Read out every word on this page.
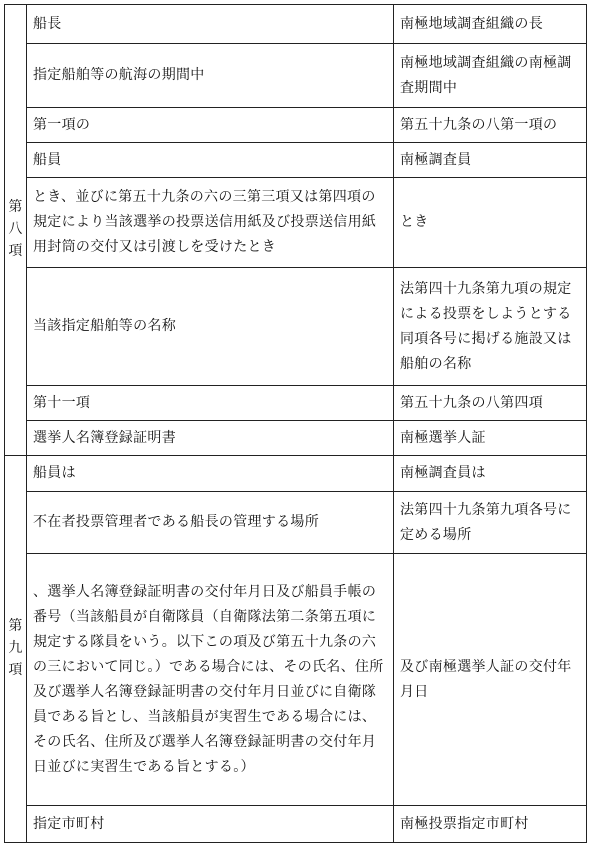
第八項	船長	南極地域調査組織の長
	指定船舶等の航海の期間中	南極地域調査組織の南極調査期間中
	第一項の	第五十九条の八第一項の
	船員	南極調査員
	とき、並びに第五十九条の六の三第三項又は第四項の規定により当該選挙の投票送信用紙及び投票送信用紙用封筒の交付又は引渡しを受けたとき	とき
	当該指定船舶等の名称	法第四十九条第九項の規定による投票をしようとする同項各号に掲げる施設又は船舶の名称
	第十一項	第五十九条の八第四項
	選挙人名簿登録証明書	南極選挙人証
第九項	船員は	南極調査員は
	不在者投票管理者である船長の管理する場所	法第四十九条第九項各号に定める場所
	、選挙人名簿登録証明書の交付年月日及び船員手帳の番号（当該船員が自衛隊員（自衛隊法第二条第五項に規定する隊員をいう。以下この項及び第五十九条の六の三において同じ。）である場合には、その氏名、住所及び選挙人名簿登録証明書の交付年月日並びに自衛隊員である旨とし、当該船員が実習生である場合には、その氏名、住所及び選挙人名簿登録証明書の交付年月日並びに実習生である旨とする。）	及び南極選挙人証の交付年月日
	指定市町村	南極投票指定市町村
